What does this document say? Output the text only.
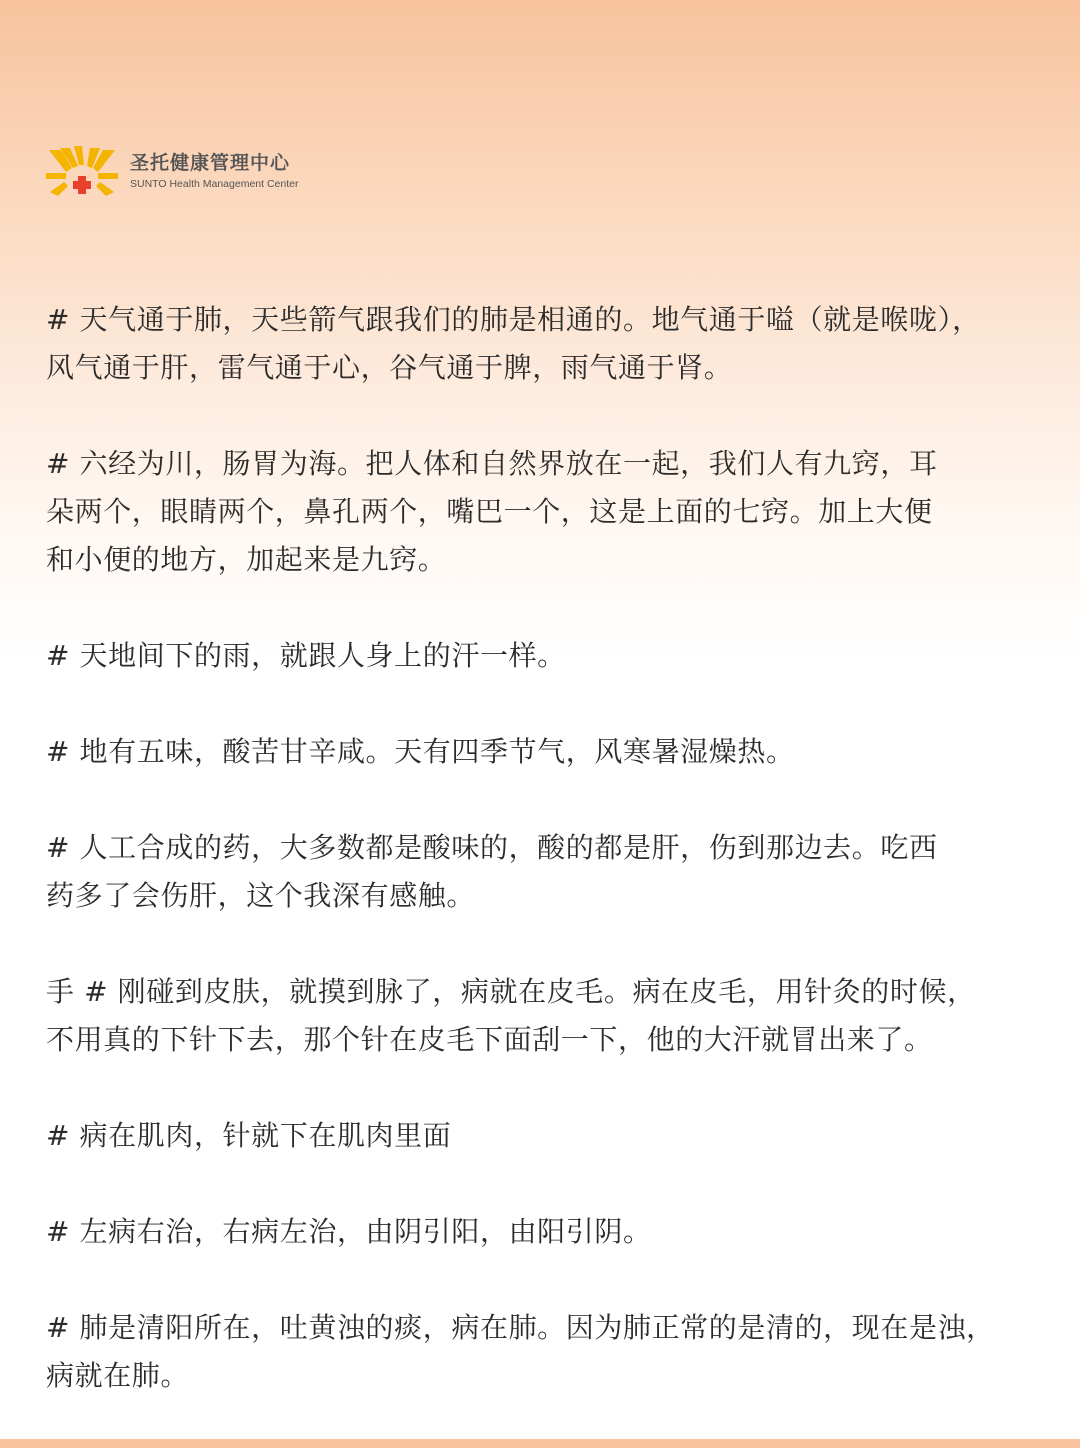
圣托健康管理中心
SUNTO Health Management Center

# 天气通于肺，天些箭气跟我们的肺是相通的。地气通于嗌（就是喉咙），
风气通于肝，雷气通于心，谷气通于脾，雨气通于肾。

# 六经为川，肠胃为海。把人体和自然界放在一起，我们人有九窍，耳
朵两个，眼睛两个，鼻孔两个，嘴巴一个，这是上面的七窍。加上大便
和小便的地方，加起来是九窍。

# 天地间下的雨，就跟人身上的汗一样。

# 地有五味，酸苦甘辛咸。天有四季节气，风寒暑湿燥热。

# 人工合成的药，大多数都是酸味的，酸的都是肝，伤到那边去。吃西
药多了会伤肝，这个我深有感触。

手 # 刚碰到皮肤，就摸到脉了，病就在皮毛。病在皮毛，用针灸的时候，
不用真的下针下去，那个针在皮毛下面刮一下，他的大汗就冒出来了。

# 病在肌肉，针就下在肌肉里面

# 左病右治，右病左治，由阴引阳，由阳引阴。

# 肺是清阳所在，吐黄浊的痰，病在肺。因为肺正常的是清的，现在是浊，
病就在肺。
